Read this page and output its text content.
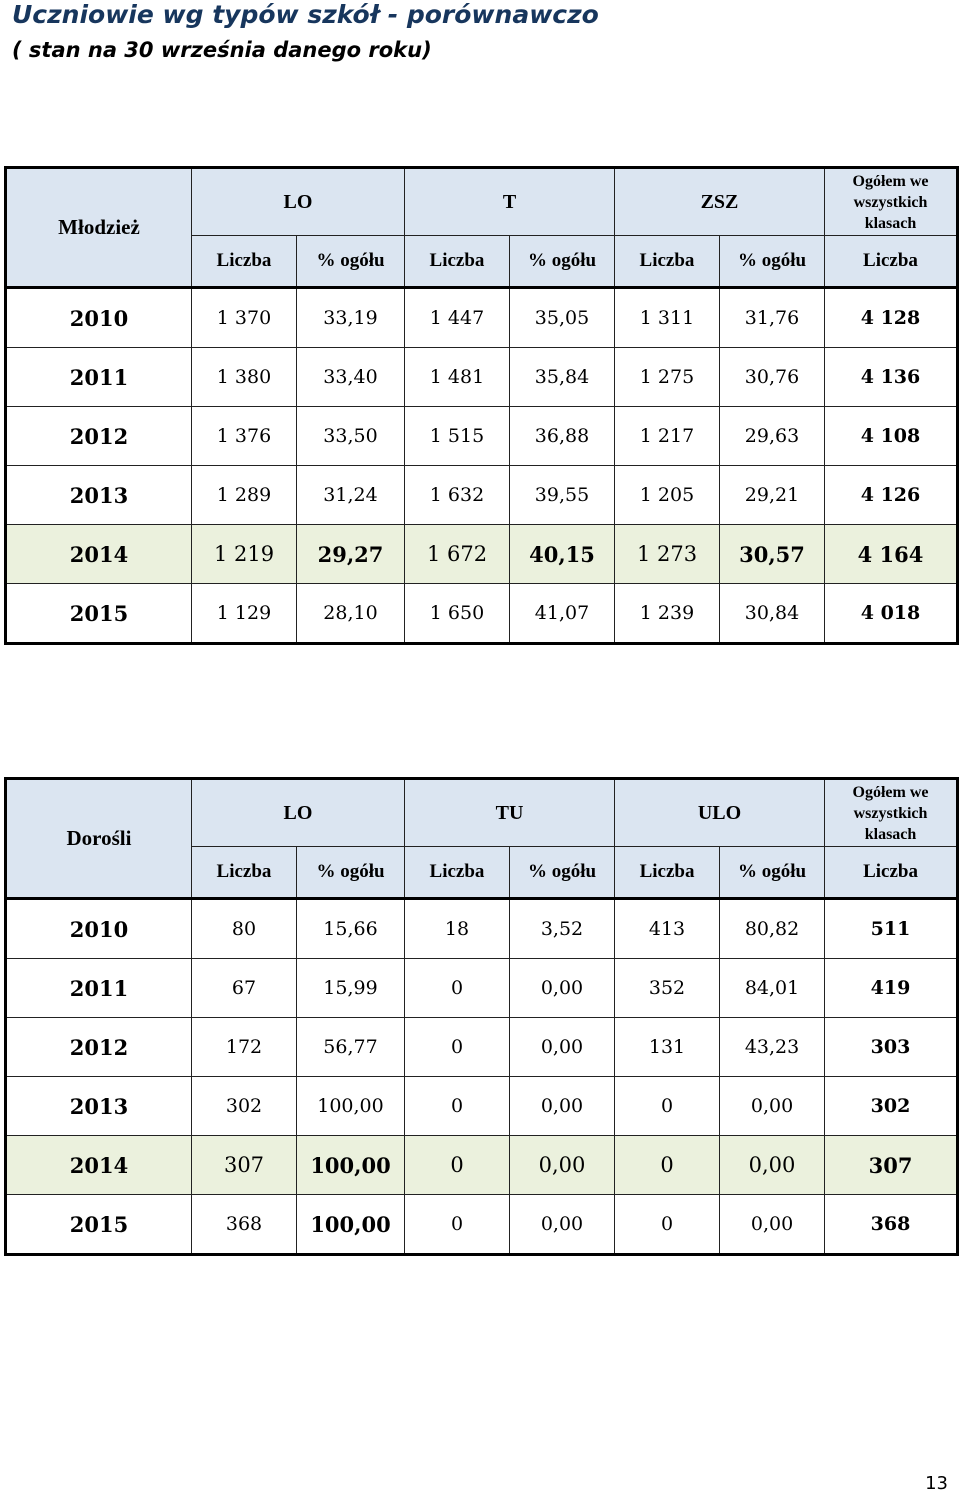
Uczniowie wg typów szkół - porównawczo

( stan na 30 września danego roku)

Młodzież	LO		T		ZSZ		Ogółem we
wszystkich
klasach
	Liczba	% ogółu	Liczba	% ogółu	Liczba	% ogółu	Liczba
2010	1 370	33,19	1 447	35,05	1 311	31,76	4 128
2011	1 380	33,40	1 481	35,84	1 275	30,76	4 136
2012	1 376	33,50	1 515	36,88	1 217	29,63	4 108
2013	1 289	31,24	1 632	39,55	1 205	29,21	4 126
2014	1 219	29,27	1 672	40,15	1 273	30,57	4 164
2015	1 129	28,10	1 650	41,07	1 239	30,84	4 018
Dorośli	LO		TU		ULO		Ogółem we
wszystkich
klasach
	Liczba	% ogółu	Liczba	% ogółu	Liczba	% ogółu	Liczba
2010	80	15,66	18	3,52	413	80,82	511
2011	67	15,99	0	0,00	352	84,01	419
2012	172	56,77	0	0,00	131	43,23	303
2013	302	100,00	0	0,00	0	0,00	302
2014	307	100,00	0	0,00	0	0,00	307
2015	368	100,00	0	0,00	0	0,00	368
13
